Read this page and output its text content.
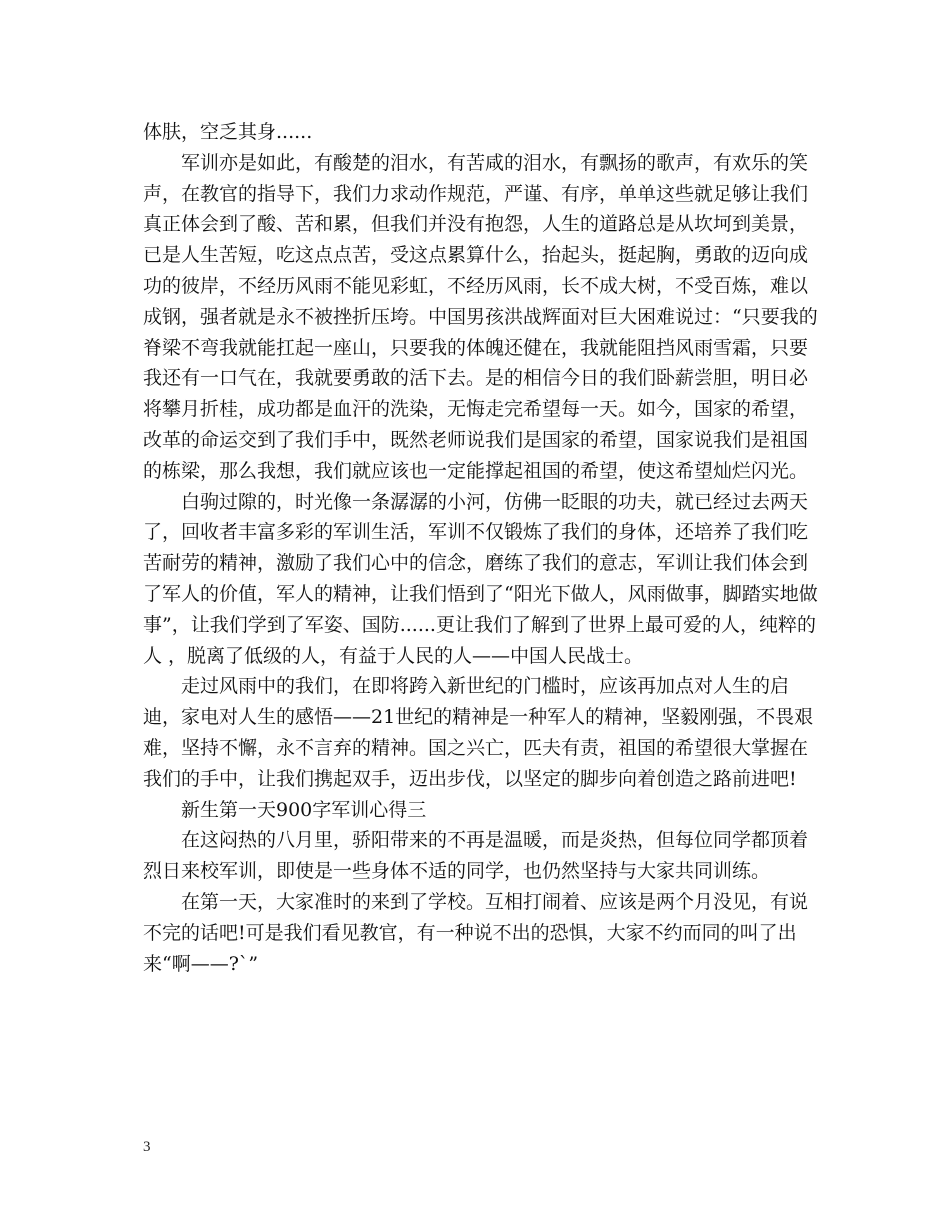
体肤，空乏其身......

军训亦是如此，有酸楚的泪水，有苦咸的泪水，有飘扬的歌声，有欢乐的笑声，在教官的指导下，我们力求动作规范，严谨、有序，单单这些就足够让我们真正体会到了酸、苦和累，但我们并没有抱怨，人生的道路总是从坎坷到美景，已是人生苦短，吃这点点苦，受这点累算什么，抬起头，挺起胸，勇敢的迈向成功的彼岸，不经历风雨不能见彩虹，不经历风雨，长不成大树，不受百炼，难以成钢，强者就是永不被挫折压垮。中国男孩洪战辉面对巨大困难说过：“只要我的脊梁不弯我就能扛起一座山，只要我的体魄还健在，我就能阻挡风雨雪霜，只要我还有一口气在，我就要勇敢的活下去。是的相信今日的我们卧薪尝胆，明日必将攀月折桂，成功都是血汗的洗染，无悔走完希望每一天。如今，国家的希望，改革的命运交到了我们手中，既然老师说我们是国家的希望，国家说我们是祖国的栋梁，那么我想，我们就应该也一定能撑起祖国的希望，使这希望灿烂闪光。

白驹过隙的，时光像一条潺潺的小河，仿佛一眨眼的功夫，就已经过去两天了，回收者丰富多彩的军训生活，军训不仅锻炼了我们的身体，还培养了我们吃苦耐劳的精神，激励了我们心中的信念，磨练了我们的意志，军训让我们体会到了军人的价值，军人的精神，让我们悟到了“阳光下做人，风雨做事，脚踏实地做事”，让我们学到了军姿、国防......更让我们了解到了世界上最可爱的人，纯粹的人 ，脱离了低级的人，有益于人民的人——中国人民战士。

走过风雨中的我们，在即将跨入新世纪的门槛时，应该再加点对人生的启迪，家电对人生的感悟——21世纪的精神是一种军人的精神，坚毅刚强，不畏艰难，坚持不懈，永不言弃的精神。国之兴亡，匹夫有责，祖国的希望很大掌握在我们的手中，让我们携起双手，迈出步伐，以坚定的脚步向着创造之路前进吧!

新生第一天900字军训心得三

在这闷热的八月里，骄阳带来的不再是温暖，而是炎热，但每位同学都顶着烈日来校军训，即使是一些身体不适的同学，也仍然坚持与大家共同训练。

在第一天，大家准时的来到了学校。互相打闹着、应该是两个月没见，有说不完的话吧!可是我们看见教官，有一种说不出的恐惧，大家不约而同的叫了出来“啊——?`”

3
